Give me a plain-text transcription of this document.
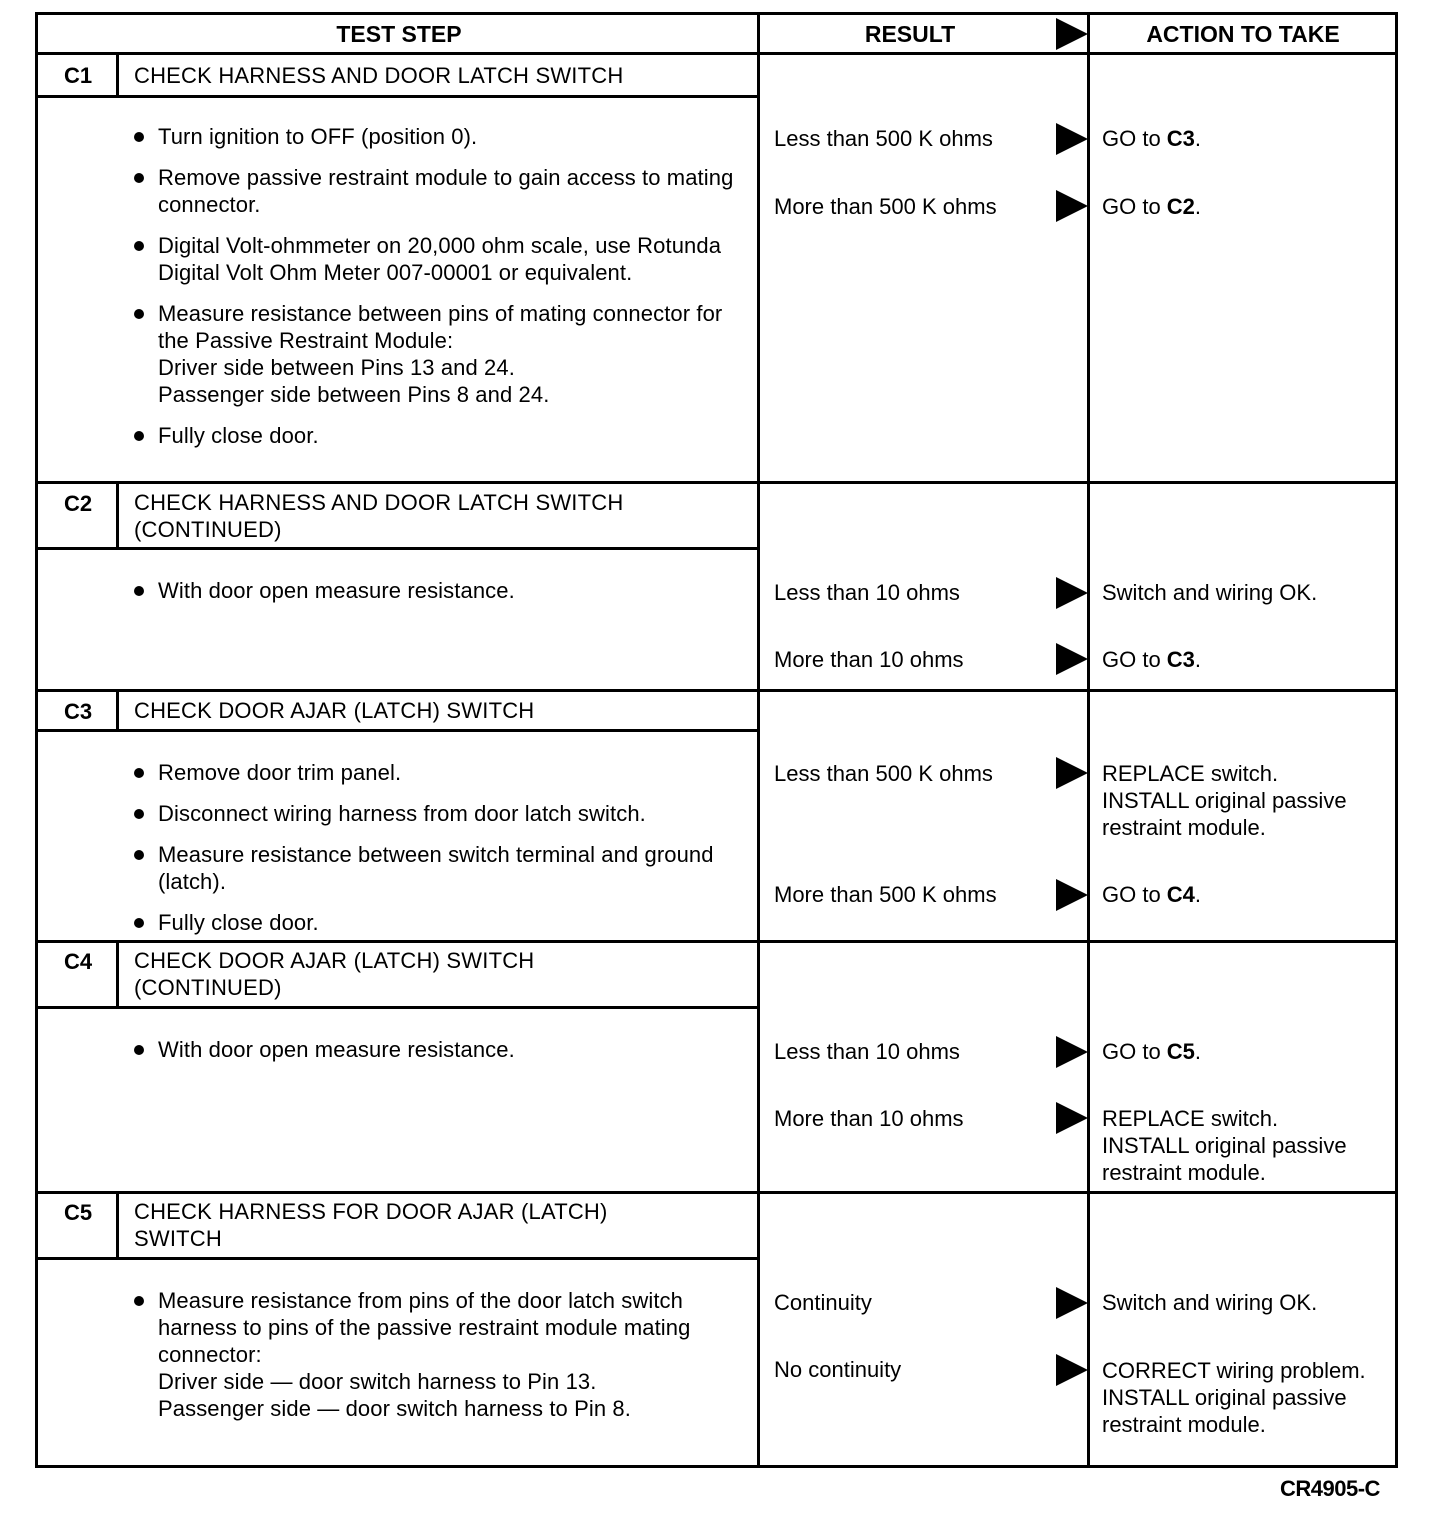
TEST STEP	RESULT	ACTION TO TAKE
C1	CHECK HARNESS AND DOOR LATCH SWITCH
Turn ignition to OFF (position 0).
Remove passive restraint module to gain access to mating connector.
Digital Volt-ohmmeter on 20,000 ohm scale, use Rotunda Digital Volt Ohm Meter 007-00001 or equivalent.
Measure resistance between pins of mating connector for the Passive Restraint Module:
Driver side between Pins 13 and 24.
Passenger side between Pins 8 and 24.
Fully close door.
Less than 500 K ohms	GO to C3.
More than 500 K ohms	GO to C2.
C2	CHECK HARNESS AND DOOR LATCH SWITCH (CONTINUED)
With door open measure resistance.	Less than 10 ohms	Switch and wiring OK.
More than 10 ohms	GO to C3.
C3	CHECK DOOR AJAR (LATCH) SWITCH
Remove door trim panel.
Disconnect wiring harness from door latch switch.
Measure resistance between switch terminal and ground (latch).
Fully close door.
Less than 500 K ohms	REPLACE switch.
INSTALL original passive restraint module.
More than 500 K ohms	GO to C4.
C4	CHECK DOOR AJAR (LATCH) SWITCH (CONTINUED)
With door open measure resistance.	Less than 10 ohms	GO to C5.
More than 10 ohms	REPLACE switch.
INSTALL original passive restraint module.
C5	CHECK HARNESS FOR DOOR AJAR (LATCH) SWITCH
Measure resistance from pins of the door latch switch harness to pins of the passive restraint module mating connector:
Driver side — door switch harness to Pin 13.
Passenger side — door switch harness to Pin 8.
Continuity	Switch and wiring OK.
No continuity	CORRECT wiring problem.
INSTALL original passive restraint module.
CR4905-C
